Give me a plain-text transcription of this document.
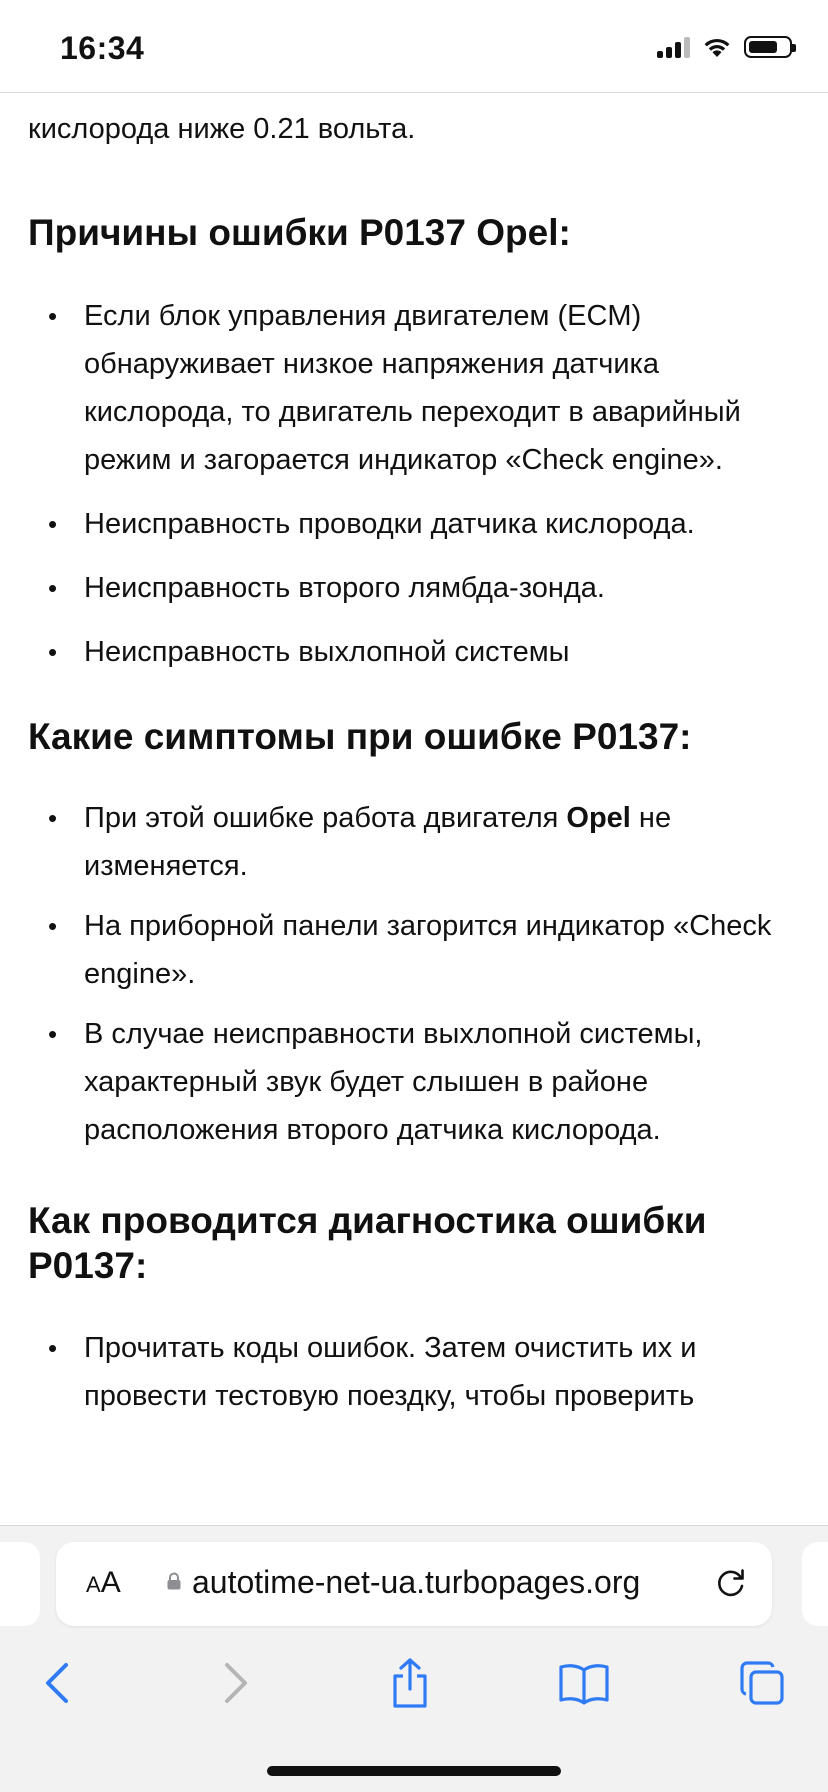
16:34
кислорода ниже 0.21 вольта.
Причины ошибки P0137 Opel:
• Если блок управления двигателем (ECM) обнаруживает низкое напряжения датчика кислорода, то двигатель переходит в аварийный режим и загорается индикатор «Check engine».
• Неисправность проводки датчика кислорода.
• Неисправность второго лямбда-зонда.
• Неисправность выхлопной системы
Какие симптомы при ошибке P0137:
• При этой ошибке работа двигателя Opel не изменяется.
• На приборной панели загорится индикатор «Check engine».
• В случае неисправности выхлопной системы, характерный звук будет слышен в районе расположения второго датчика кислорода.
Как проводится диагностика ошибки P0137:
• Прочитать коды ошибок. Затем очистить их и провести тестовую поездку, чтобы проверить
AA autotime-net-ua.turbopages.org
